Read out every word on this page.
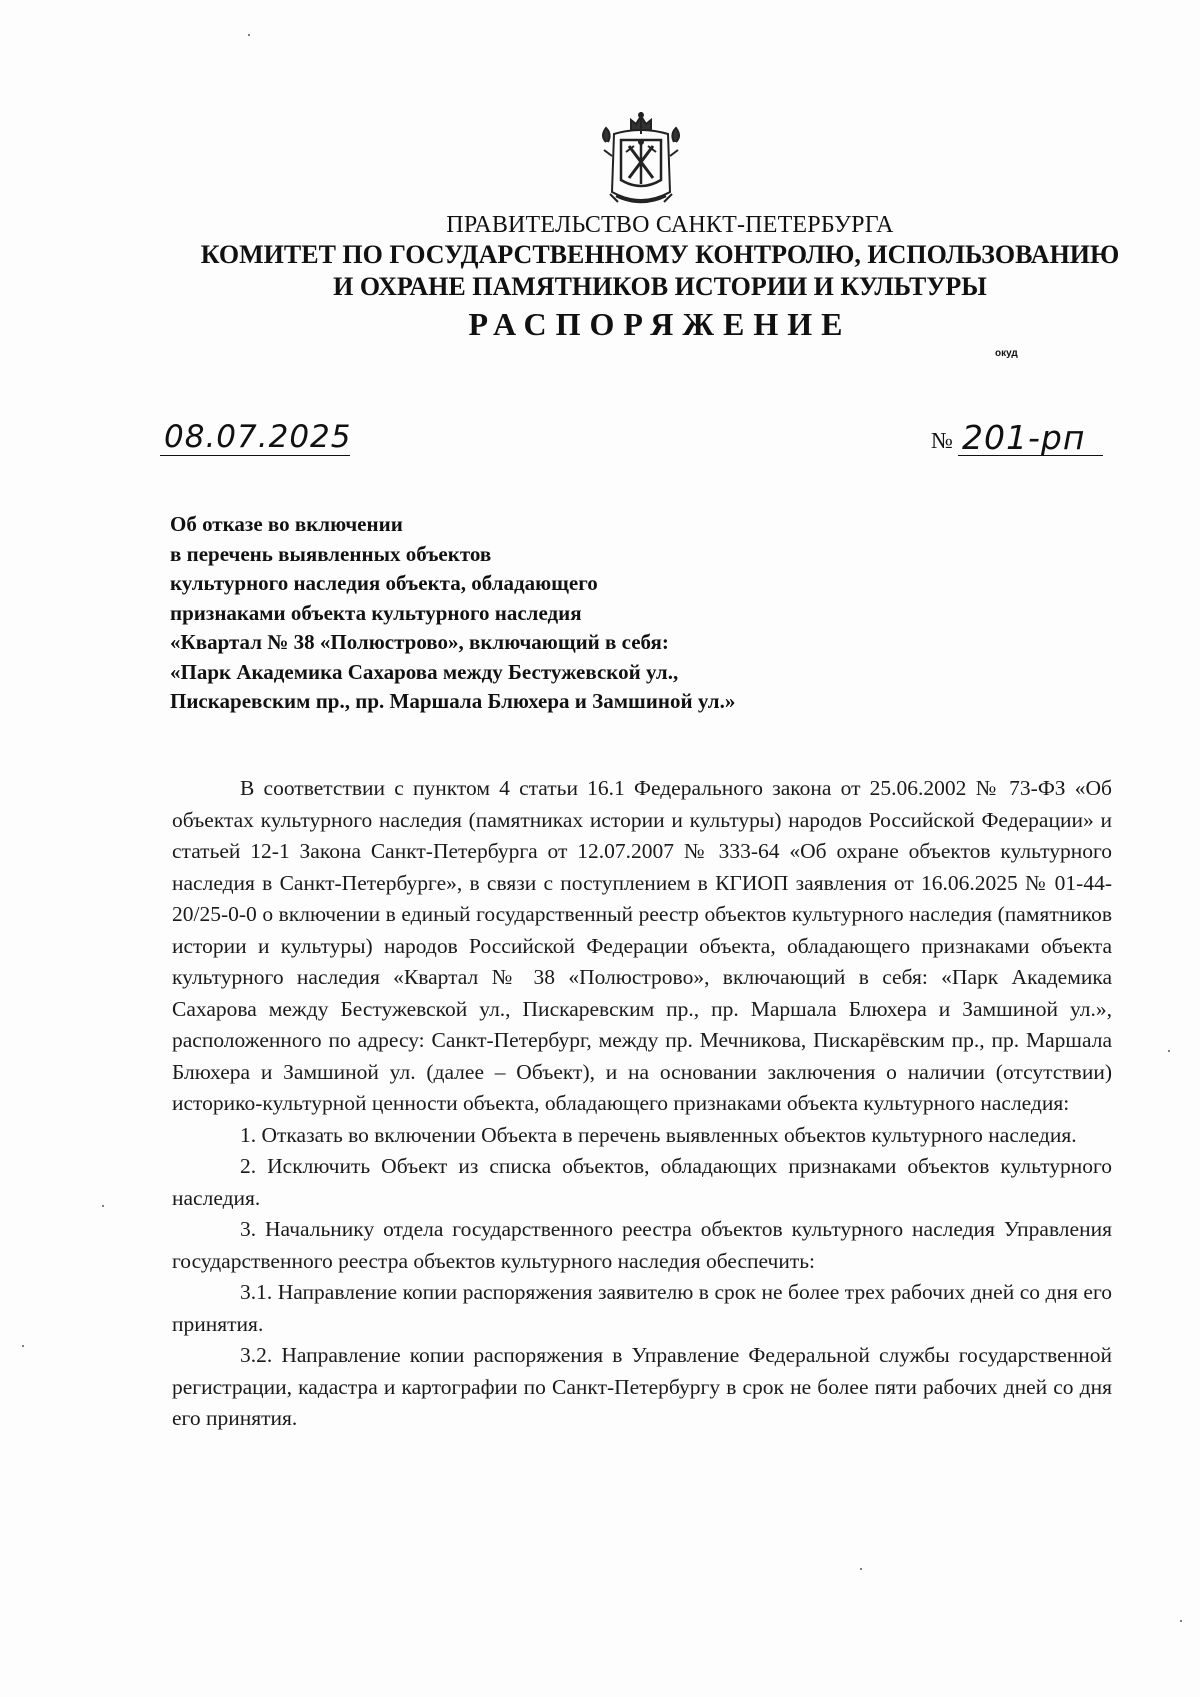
ПРАВИТЕЛЬСТВО САНКТ-ПЕТЕРБУРГА
КОМИТЕТ ПО ГОСУДАРСТВЕННОМУ КОНТРОЛЮ, ИСПОЛЬЗОВАНИЮ
И ОХРАНЕ ПАМЯТНИКОВ ИСТОРИИ И КУЛЬТУРЫ
РАСПОРЯЖЕНИЕ
окуд
08.07.2025	№ 201-рп
Об отказе во включении
в перечень выявленных объектов
культурного наследия объекта, обладающего
признаками объекта культурного наследия
«Квартал № 38 «Полюстрово», включающий в себя:
«Парк Академика Сахарова между Бестужевской ул.,
Пискаревским пр., пр. Маршала Блюхера и Замшиной ул.»

В соответствии с пунктом 4 статьи 16.1 Федерального закона от 25.06.2002 № 73-ФЗ «Об объектах культурного наследия (памятниках истории и культуры) народов Российской Федерации» и статьей 12-1 Закона Санкт-Петербурга от 12.07.2007 № 333-64 «Об охране объектов культурного наследия в Санкт-Петербурге», в связи с поступлением в КГИОП заявления от 16.06.2025 № 01-44-20/25-0-0 о включении в единый государственный реестр объектов культурного наследия (памятников истории и культуры) народов Российской Федерации объекта, обладающего признаками объекта культурного наследия «Квартал № 38 «Полюстрово», включающий в себя: «Парк Академика Сахарова между Бестужевской ул., Пискаревским пр., пр. Маршала Блюхера и Замшиной ул.», расположенного по адресу: Санкт-Петербург, между пр. Мечникова, Пискарёвским пр., пр. Маршала Блюхера и Замшиной ул. (далее – Объект), и на основании заключения о наличии (отсутствии) историко-культурной ценности объекта, обладающего признаками объекта культурного наследия:

1. Отказать во включении Объекта в перечень выявленных объектов культурного наследия.

2. Исключить Объект из списка объектов, обладающих признаками объектов культурного наследия.

3. Начальнику отдела государственного реестра объектов культурного наследия Управления государственного реестра объектов культурного наследия обеспечить:

3.1. Направление копии распоряжения заявителю в срок не более трех рабочих дней со дня его принятия.

3.2. Направление копии распоряжения в Управление Федеральной службы государственной регистрации, кадастра и картографии по Санкт-Петербургу в срок не более пяти рабочих дней со дня его принятия.
